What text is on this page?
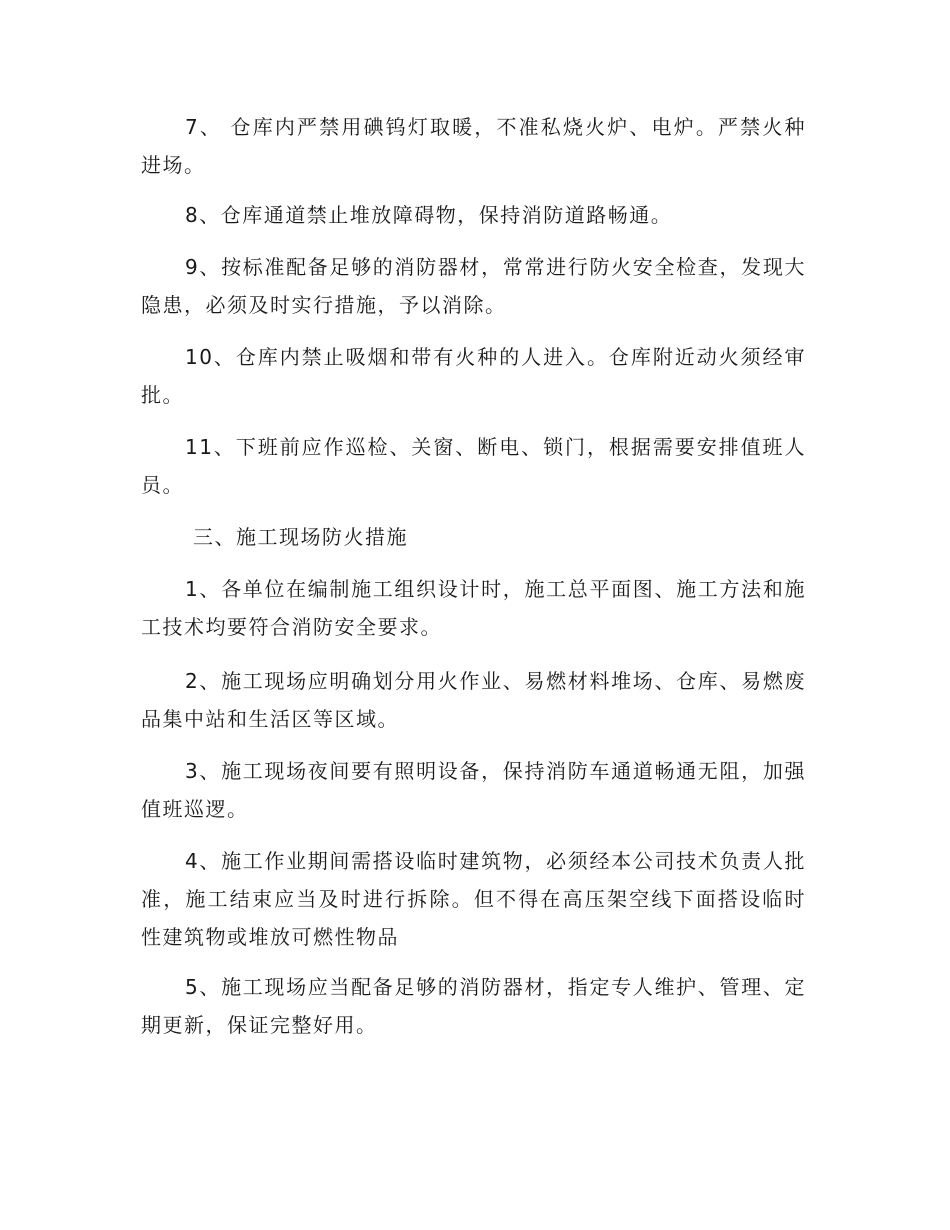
7、 仓库内严禁用碘钨灯取暖，不准私烧火炉、电炉。严禁火种进场。

8、仓库通道禁止堆放障碍物，保持消防道路畅通。

9、按标准配备足够的消防器材，常常进行防火安全检查，发现大隐患，必须及时实行措施，予以消除。

10、仓库内禁止吸烟和带有火种的人进入。仓库附近动火须经审批。

11、下班前应作巡检、关窗、断电、锁门，根据需要安排值班人员。

三、施工现场防火措施

1、各单位在编制施工组织设计时，施工总平面图、施工方法和施工技术均要符合消防安全要求。

2、施工现场应明确划分用火作业、易燃材料堆场、仓库、易燃废品集中站和生活区等区域。

3、施工现场夜间要有照明设备，保持消防车通道畅通无阻，加强值班巡逻。

4、施工作业期间需搭设临时建筑物，必须经本公司技术负责人批准，施工结束应当及时进行拆除。但不得在高压架空线下面搭设临时性建筑物或堆放可燃性物品

5、施工现场应当配备足够的消防器材，指定专人维护、管理、定期更新，保证完整好用。
